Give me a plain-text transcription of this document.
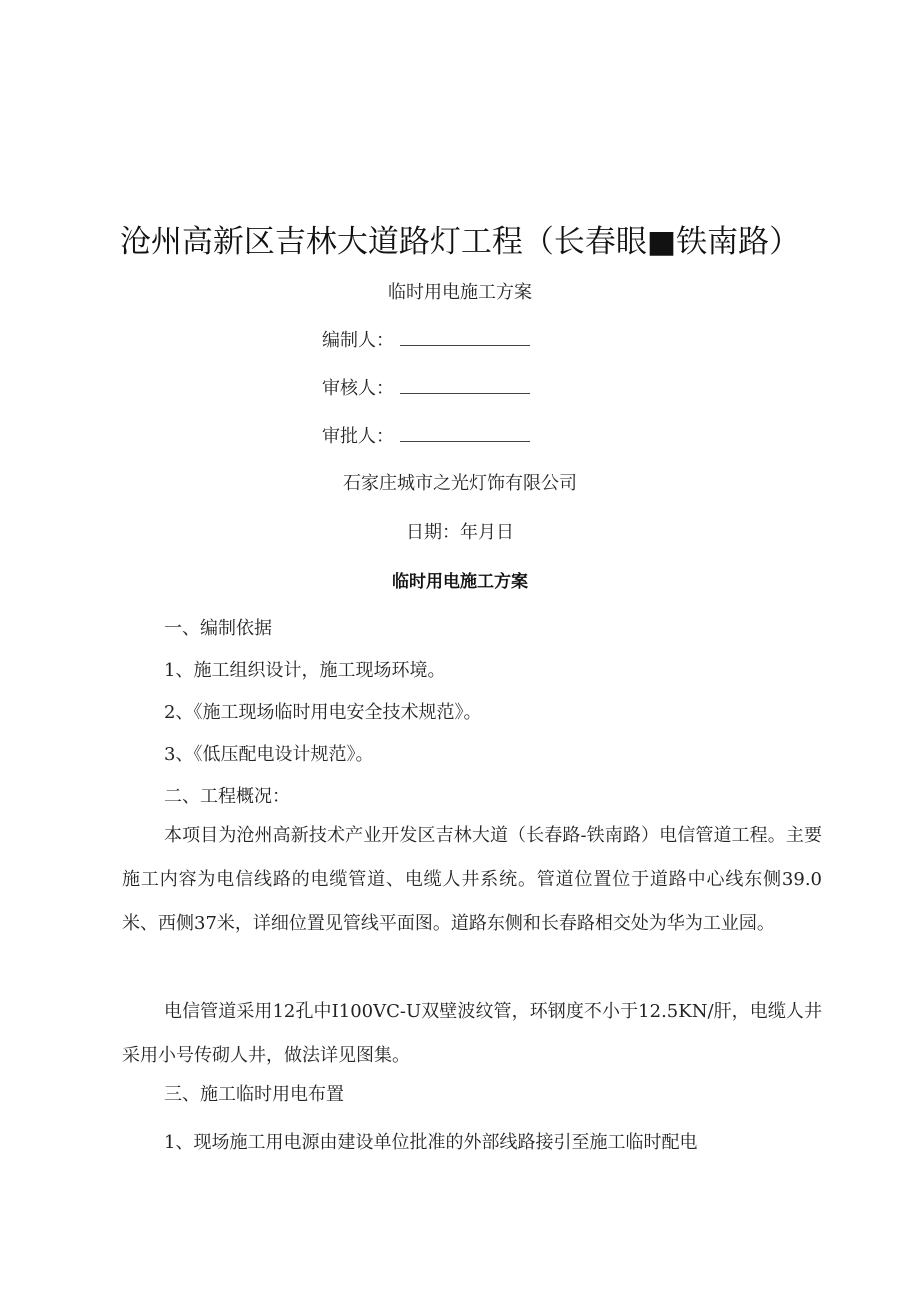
沧州高新区吉林大道路灯工程（长春眼■铁南路）
临时用电施工方案
编制人：
审核人：
审批人：
石家庄城市之光灯饰有限公司
日期：年月日
临时用电施工方案
一、编制依据
1、施工组织设计，施工现场环境。
2、《施工现场临时用电安全技术规范》。
3、《低压配电设计规范》。
二、工程概况：
本项目为沧州高新技术产业开发区吉林大道（长春路-铁南路）电信管道工程。主要施工内容为电信线路的电缆管道、电缆人井系统。管道位置位于道路中心线东侧39.0米、西侧37米，详细位置见管线平面图。道路东侧和长春路相交处为华为工业园。
电信管道采用12孔中I100VC-U双壁波纹管，环钢度不小于12.5KN/肝，电缆人井采用小号传砌人井，做法详见图集。
三、施工临时用电布置
1、现场施工用电源由建设单位批准的外部线路接引至施工临时配电
